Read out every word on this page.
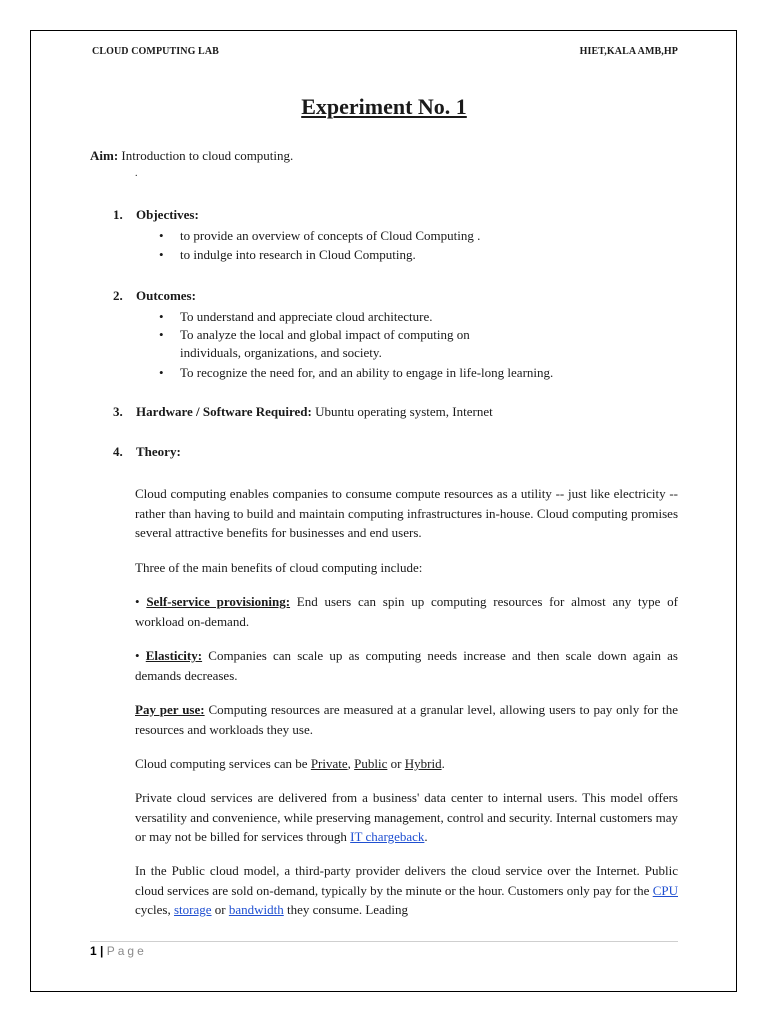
CLOUD COMPUTING LAB	HIET,KALA AMB,HP
Experiment No. 1
Aim: Introduction to cloud computing.
.
1. Objectives:
• to provide an overview of concepts of Cloud Computing .
• to indulge into research in Cloud Computing.
2. Outcomes:
• To understand and appreciate cloud architecture.
• To analyze the local and global impact of computing on
individuals, organizations, and society.
• To recognize the need for, and an ability to engage in life-long learning.
3. Hardware / Software Required: Ubuntu operating system, Internet
4. Theory:
Cloud computing enables companies to consume compute resources as a utility -- just like electricity -- rather than having to build and maintain computing infrastructures in-house. Cloud computing promises several attractive benefits for businesses and end users.
Three of the main benefits of cloud computing include:
• Self-service provisioning: End users can spin up computing resources for almost any type of workload on-demand.
• Elasticity: Companies can scale up as computing needs increase and then scale down again as demands decreases.
Pay per use: Computing resources are measured at a granular level, allowing users to pay only for the resources and workloads they use.
Cloud computing services can be Private, Public or Hybrid.
Private cloud services are delivered from a business' data center to internal users. This model offers versatility and convenience, while preserving management, control and security. Internal customers may or may not be billed for services through IT chargeback.
In the Public cloud model, a third-party provider delivers the cloud service over the Internet. Public cloud services are sold on-demand, typically by the minute or the hour. Customers only pay for the CPU cycles, storage or bandwidth they consume. Leading
1 | Page
